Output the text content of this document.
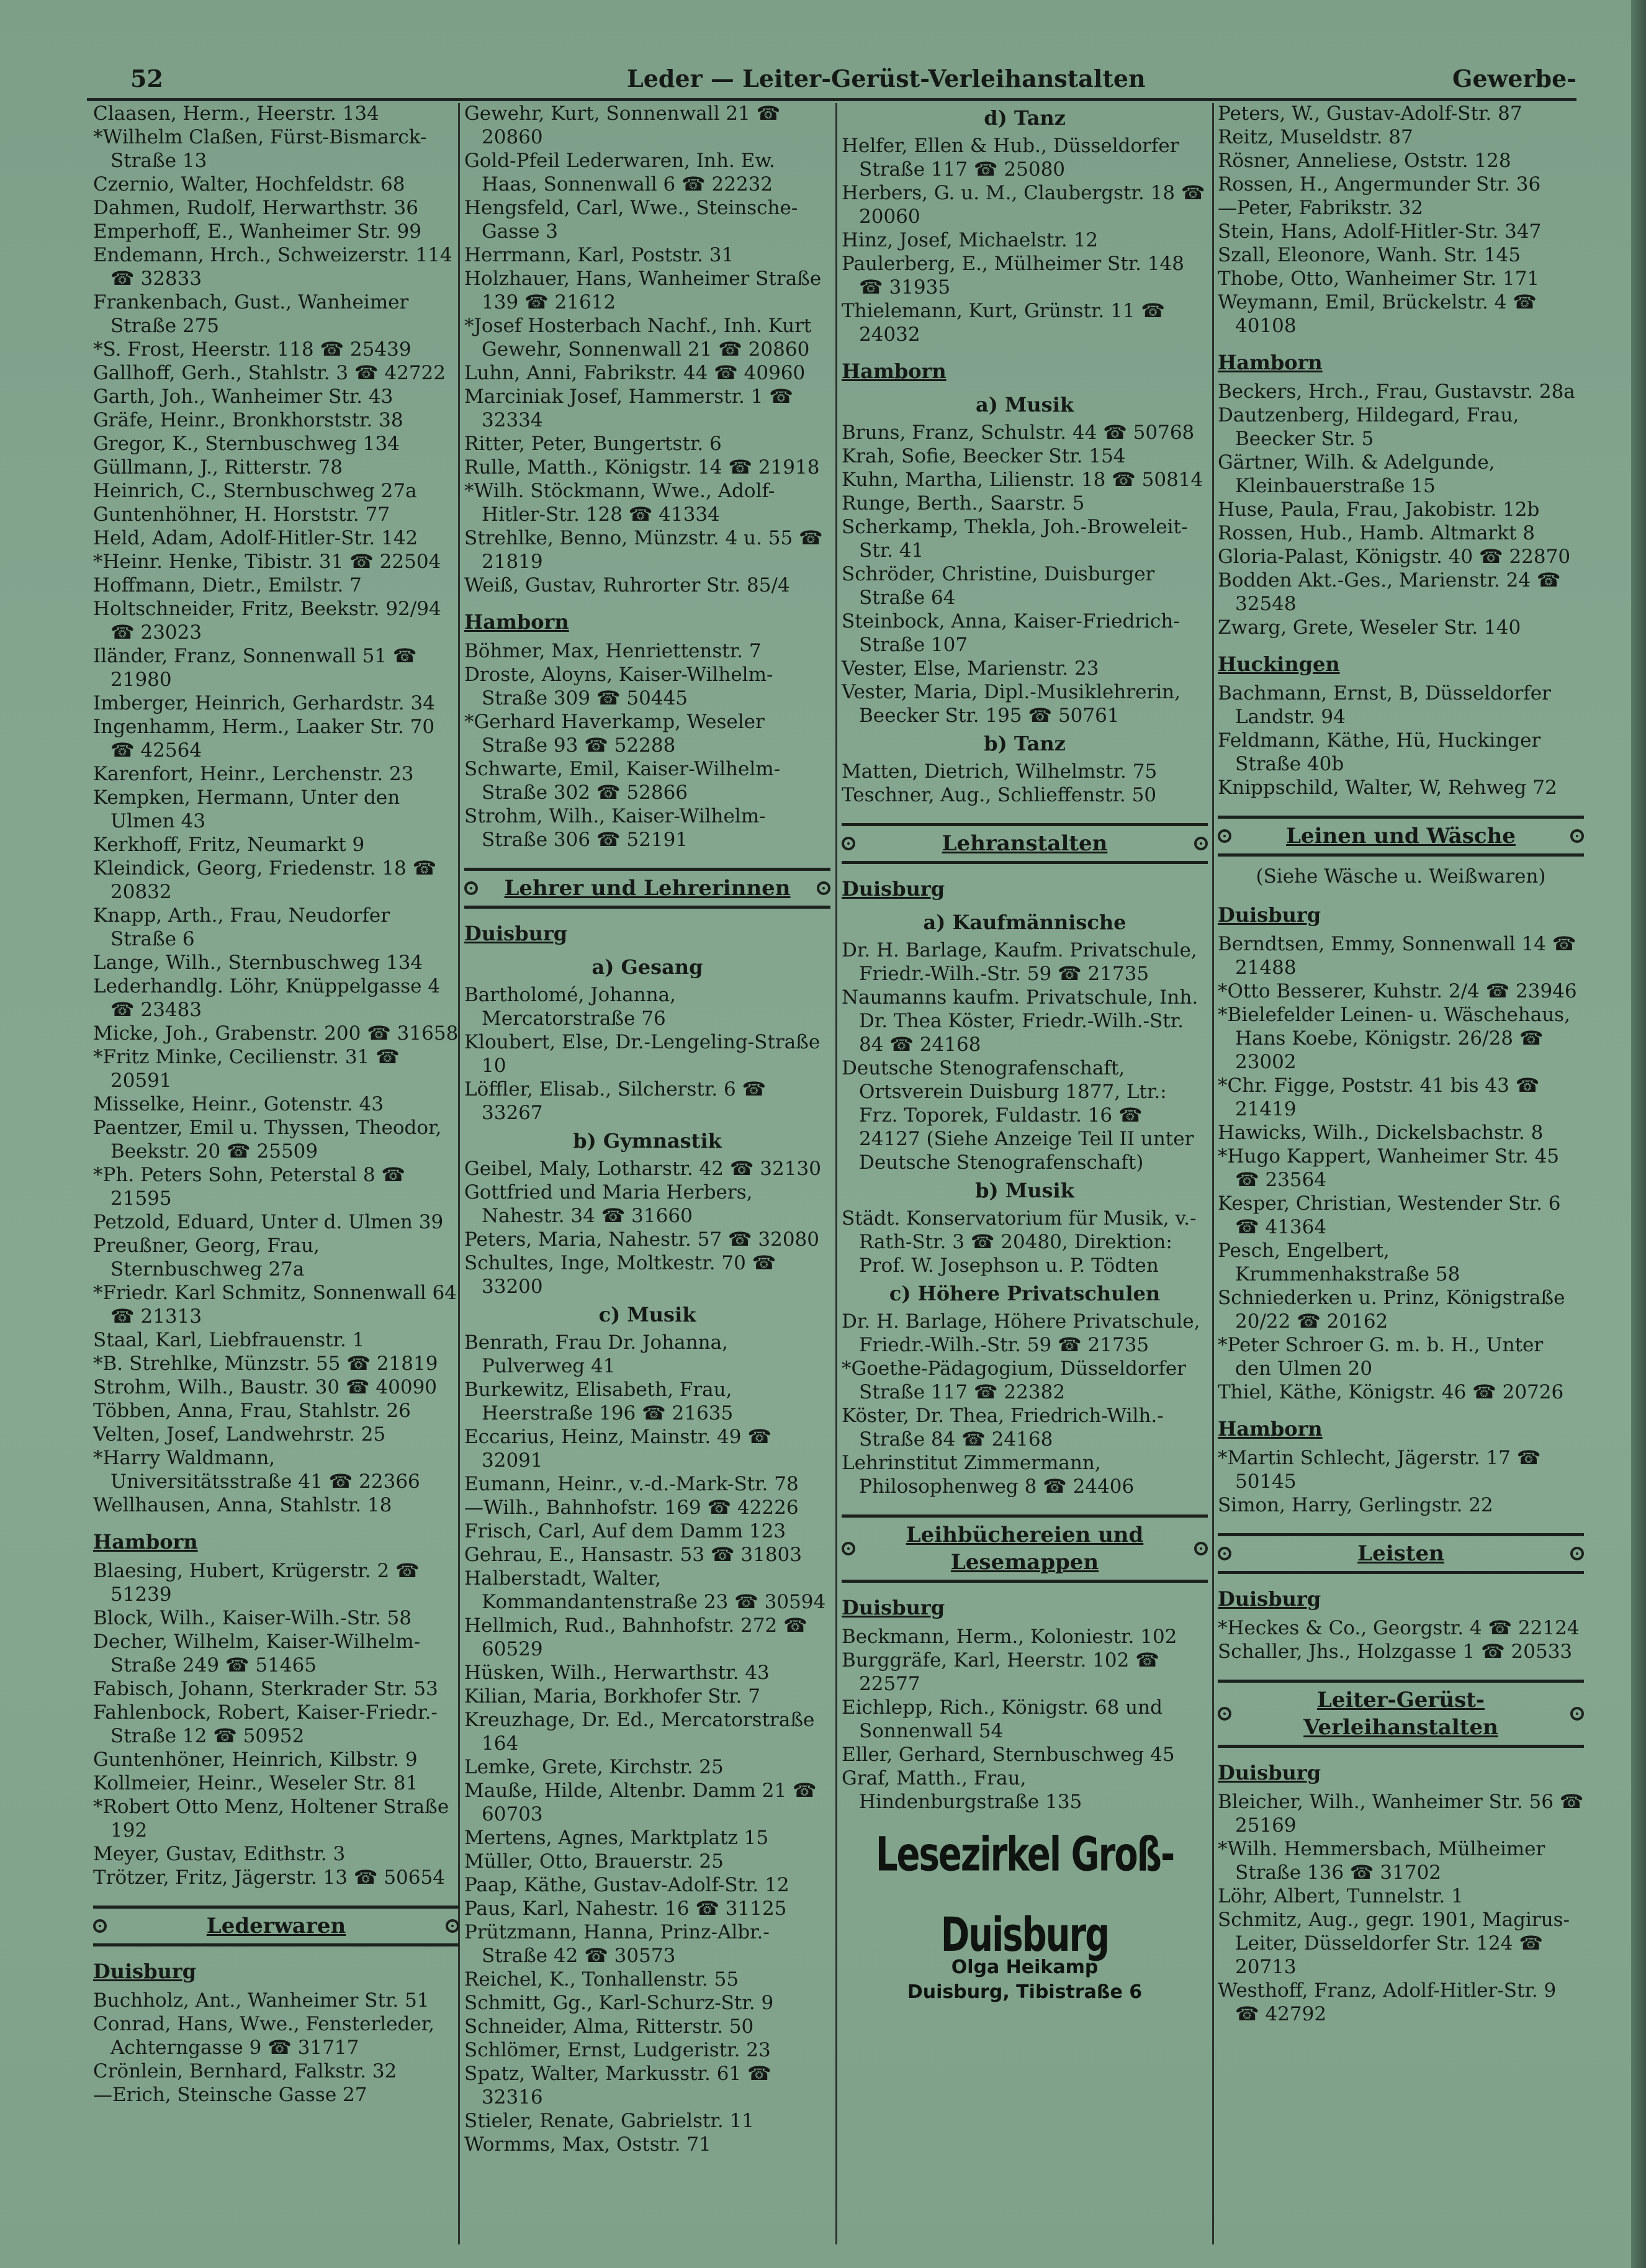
52	Leder — Leiter-Gerüst-Verleihanstalten	Gewerbe-
Claasen, Herm., Heerstr. 134
*Wilhelm Claßen, Fürst-Bismarck-Straße 13
Czernio, Walter, Hochfeldstr. 68
Dahmen, Rudolf, Herwarthstr. 36
Emperhoff, E., Wanheimer Str. 99
Endemann, Hrch., Schweizerstr. 114 ☎ 32833
Frankenbach, Gust., Wanheimer Straße 275
*S. Frost, Heerstr. 118 ☎ 25439
Gallhoff, Gerh., Stahlstr. 3 ☎ 42722
Garth, Joh., Wanheimer Str. 43
Gräfe, Heinr., Bronkhorststr. 38
Gregor, K., Sternbuschweg 134
Güllmann, J., Ritterstr. 78
Heinrich, C., Sternbuschweg 27a
Guntenhöhner, H. Horststr. 77
Held, Adam, Adolf-Hitler-Str. 142
*Heinr. Henke, Tibistr. 31 ☎ 22504
Hoffmann, Dietr., Emilstr. 7
Holtschneider, Fritz, Beekstr. 92/94 ☎ 23023
Iländer, Franz, Sonnenwall 51 ☎ 21980
Imberger, Heinrich, Gerhardstr. 34
Ingenhamm, Herm., Laaker Str. 70 ☎ 42564
Karenfort, Heinr., Lerchenstr. 23
Kempken, Hermann, Unter den Ulmen 43
Kerkhoff, Fritz, Neumarkt 9
Kleindick, Georg, Friedenstr. 18 ☎ 20832
Knapp, Arth., Frau, Neudorfer Straße 6
Lange, Wilh., Sternbuschweg 134
Lederhandlg. Löhr, Knüppelgasse 4 ☎ 23483
Micke, Joh., Grabenstr. 200 ☎ 31658
*Fritz Minke, Cecilienstr. 31 ☎ 20591
Misselke, Heinr., Gotenstr. 43
Paentzer, Emil u. Thyssen, Theodor, Beekstr. 20 ☎ 25509
*Ph. Peters Sohn, Peterstal 8 ☎ 21595
Petzold, Eduard, Unter d. Ulmen 39
Preußner, Georg, Frau, Sternbuschweg 27a
*Friedr. Karl Schmitz, Sonnenwall 64 ☎ 21313
Staal, Karl, Liebfrauenstr. 1
*B. Strehlke, Münzstr. 55 ☎ 21819
Strohm, Wilh., Baustr. 30 ☎ 40090
Többen, Anna, Frau, Stahlstr. 26
Velten, Josef, Landwehrstr. 25
*Harry Waldmann, Universitätsstraße 41 ☎ 22366
Wellhausen, Anna, Stahlstr. 18
Hamborn
Blaesing, Hubert, Krügerstr. 2 ☎ 51239
Block, Wilh., Kaiser-Wilh.-Str. 58
Decher, Wilhelm, Kaiser-Wilhelm-Straße 249 ☎ 51465
Fabisch, Johann, Sterkrader Str. 53
Fahlenbock, Robert, Kaiser-Friedr.-Straße 12 ☎ 50952
Guntenhöner, Heinrich, Kilbstr. 9
Kollmeier, Heinr., Weseler Str. 81
*Robert Otto Menz, Holtener Straße 192
Meyer, Gustav, Edithstr. 3
Trötzer, Fritz, Jägerstr. 13 ☎ 50654
Lederwaren
Duisburg
Buchholz, Ant., Wanheimer Str. 51
Conrad, Hans, Wwe., Fensterleder, Achterngasse 9 ☎ 31717
Crönlein, Bernhard, Falkstr. 32
—Erich, Steinsche Gasse 27
Gewehr, Kurt, Sonnenwall 21 ☎ 20860
Gold-Pfeil Lederwaren, Inh. Ew. Haas, Sonnenwall 6 ☎ 22232
Hengsfeld, Carl, Wwe., Steinsche-Gasse 3
Herrmann, Karl, Poststr. 31
Holzhauer, Hans, Wanheimer Straße 139 ☎ 21612
*Josef Hosterbach Nachf., Inh. Kurt Gewehr, Sonnenwall 21 ☎ 20860
Luhn, Anni, Fabrikstr. 44 ☎ 40960
Marciniak Josef, Hammerstr. 1 ☎ 32334
Ritter, Peter, Bungertstr. 6
Rulle, Matth., Königstr. 14 ☎ 21918
*Wilh. Stöckmann, Wwe., Adolf-Hitler-Str. 128 ☎ 41334
Strehlke, Benno, Münzstr. 4 u. 55 ☎ 21819
Weiß, Gustav, Ruhrorter Str. 85/4
Hamborn
Böhmer, Max, Henriettenstr. 7
Droste, Aloyns, Kaiser-Wilhelm-Straße 309 ☎ 50445
*Gerhard Haverkamp, Weseler Straße 93 ☎ 52288
Schwarte, Emil, Kaiser-Wilhelm-Straße 302 ☎ 52866
Strohm, Wilh., Kaiser-Wilhelm-Straße 306 ☎ 52191
Lehrer und Lehrerinnen
Duisburg
a) Gesang
Bartholomé, Johanna, Mercatorstraße 76
Kloubert, Else, Dr.-Lengeling-Straße 10
Löffler, Elisab., Silcherstr. 6 ☎ 33267
b) Gymnastik
Geibel, Maly, Lotharstr. 42 ☎ 32130
Gottfried und Maria Herbers, Nahestr. 34 ☎ 31660
Peters, Maria, Nahestr. 57 ☎ 32080
Schultes, Inge, Moltkestr. 70 ☎ 33200
c) Musik
Benrath, Frau Dr. Johanna, Pulverweg 41
Burkewitz, Elisabeth, Frau, Heerstraße 196 ☎ 21635
Eccarius, Heinz, Mainstr. 49 ☎ 32091
Eumann, Heinr., v.-d.-Mark-Str. 78
—Wilh., Bahnhofstr. 169 ☎ 42226
Frisch, Carl, Auf dem Damm 123
Gehrau, E., Hansastr. 53 ☎ 31803
Halberstadt, Walter, Kommandantenstraße 23 ☎ 30594
Hellmich, Rud., Bahnhofstr. 272 ☎ 60529
Hüsken, Wilh., Herwarthstr. 43
Kilian, Maria, Borkhofer Str. 7
Kreuzhage, Dr. Ed., Mercatorstraße 164
Lemke, Grete, Kirchstr. 25
Mauße, Hilde, Altenbr. Damm 21 ☎ 60703
Mertens, Agnes, Marktplatz 15
Müller, Otto, Brauerstr. 25
Paap, Käthe, Gustav-Adolf-Str. 12
Paus, Karl, Nahestr. 16 ☎ 31125
Prützmann, Hanna, Prinz-Albr.-Straße 42 ☎ 30573
Reichel, K., Tonhallenstr. 55
Schmitt, Gg., Karl-Schurz-Str. 9
Schneider, Alma, Ritterstr. 50
Schlömer, Ernst, Ludgeristr. 23
Spatz, Walter, Markusstr. 61 ☎ 32316
Stieler, Renate, Gabrielstr. 11
Wormms, Max, Oststr. 71
d) Tanz
Helfer, Ellen & Hub., Düsseldorfer Straße 117 ☎ 25080
Herbers, G. u. M., Claubergstr. 18 ☎ 20060
Hinz, Josef, Michaelstr. 12
Paulerberg, E., Mülheimer Str. 148 ☎ 31935
Thielemann, Kurt, Grünstr. 11 ☎ 24032
Hamborn
a) Musik
Bruns, Franz, Schulstr. 44 ☎ 50768
Krah, Sofie, Beecker Str. 154
Kuhn, Martha, Lilienstr. 18 ☎ 50814
Runge, Berth., Saarstr. 5
Scherkamp, Thekla, Joh.-Broweleit-Str. 41
Schröder, Christine, Duisburger Straße 64
Steinbock, Anna, Kaiser-Friedrich-Straße 107
Vester, Else, Marienstr. 23
Vester, Maria, Dipl.-Musiklehrerin, Beecker Str. 195 ☎ 50761
b) Tanz
Matten, Dietrich, Wilhelmstr. 75
Teschner, Aug., Schlieffenstr. 50
Lehranstalten
Duisburg
a) Kaufmännische
Dr. H. Barlage, Kaufm. Privatschule, Friedr.-Wilh.-Str. 59 ☎ 21735
Naumanns kaufm. Privatschule, Inh. Dr. Thea Köster, Friedr.-Wilh.-Str. 84 ☎ 24168
Deutsche Stenografenschaft, Ortsverein Duisburg 1877, Ltr.: Frz. Toporek, Fuldastr. 16 ☎ 24127 (Siehe Anzeige Teil II unter Deutsche Stenografenschaft)
b) Musik
Städt. Konservatorium für Musik, v.-Rath-Str. 3 ☎ 20480, Direktion: Prof. W. Josephson u. P. Tödten
c) Höhere Privatschulen
Dr. H. Barlage, Höhere Privatschule, Friedr.-Wilh.-Str. 59 ☎ 21735
*Goethe-Pädagogium, Düsseldorfer Straße 117 ☎ 22382
Köster, Dr. Thea, Friedrich-Wilh.-Straße 84 ☎ 24168
Lehrinstitut Zimmermann, Philosophenweg 8 ☎ 24406
Leihbüchereien und Lesemappen
Duisburg
Beckmann, Herm., Koloniestr. 102
Burggräfe, Karl, Heerstr. 102 ☎ 22577
Eichlepp, Rich., Königstr. 68 und Sonnenwall 54
Eller, Gerhard, Sternbuschweg 45
Graf, Matth., Frau, Hindenburgstraße 135
Lesezirkel Groß-Duisburg
Olga Heikamp
Duisburg, Tibistraße 6
Peters, W., Gustav-Adolf-Str. 87
Reitz, Museldstr. 87
Rösner, Anneliese, Oststr. 128
Rossen, H., Angermunder Str. 36
—Peter, Fabrikstr. 32
Stein, Hans, Adolf-Hitler-Str. 347
Szall, Eleonore, Wanh. Str. 145
Thobe, Otto, Wanheimer Str. 171
Weymann, Emil, Brückelstr. 4 ☎ 40108
Hamborn
Beckers, Hrch., Frau, Gustavstr. 28a
Dautzenberg, Hildegard, Frau, Beecker Str. 5
Gärtner, Wilh. & Adelgunde, Kleinbauerstraße 15
Huse, Paula, Frau, Jakobistr. 12b
Rossen, Hub., Hamb. Altmarkt 8
Gloria-Palast, Königstr. 40 ☎ 22870
Bodden Akt.-Ges., Marienstr. 24 ☎ 32548
Zwarg, Grete, Weseler Str. 140
Huckingen
Bachmann, Ernst, B, Düsseldorfer Landstr. 94
Feldmann, Käthe, Hü, Huckinger Straße 40b
Knippschild, Walter, W, Rehweg 72
Leinen und Wäsche
(Siehe Wäsche u. Weißwaren)
Duisburg
Berndtsen, Emmy, Sonnenwall 14 ☎ 21488
*Otto Besserer, Kuhstr. 2/4 ☎ 23946
*Bielefelder Leinen- u. Wäschehaus, Hans Koebe, Königstr. 26/28 ☎ 23002
*Chr. Figge, Poststr. 41 bis 43 ☎ 21419
Hawicks, Wilh., Dickelsbachstr. 8
*Hugo Kappert, Wanheimer Str. 45 ☎ 23564
Kesper, Christian, Westender Str. 6 ☎ 41364
Pesch, Engelbert, Krummenhakstraße 58
Schniederken u. Prinz, Königstraße 20/22 ☎ 20162
*Peter Schroer G. m. b. H., Unter den Ulmen 20
Thiel, Käthe, Königstr. 46 ☎ 20726
Hamborn
*Martin Schlecht, Jägerstr. 17 ☎ 50145
Simon, Harry, Gerlingstr. 22
Leisten
Duisburg
*Heckes & Co., Georgstr. 4 ☎ 22124
Schaller, Jhs., Holzgasse 1 ☎ 20533
Leiter-Gerüst-Verleihanstalten
Duisburg
Bleicher, Wilh., Wanheimer Str. 56 ☎ 25169
*Wilh. Hemmersbach, Mülheimer Straße 136 ☎ 31702
Löhr, Albert, Tunnelstr. 1
Schmitz, Aug., gegr. 1901, Magirus-Leiter, Düsseldorfer Str. 124 ☎ 20713
Westhoff, Franz, Adolf-Hitler-Str. 9 ☎ 42792
